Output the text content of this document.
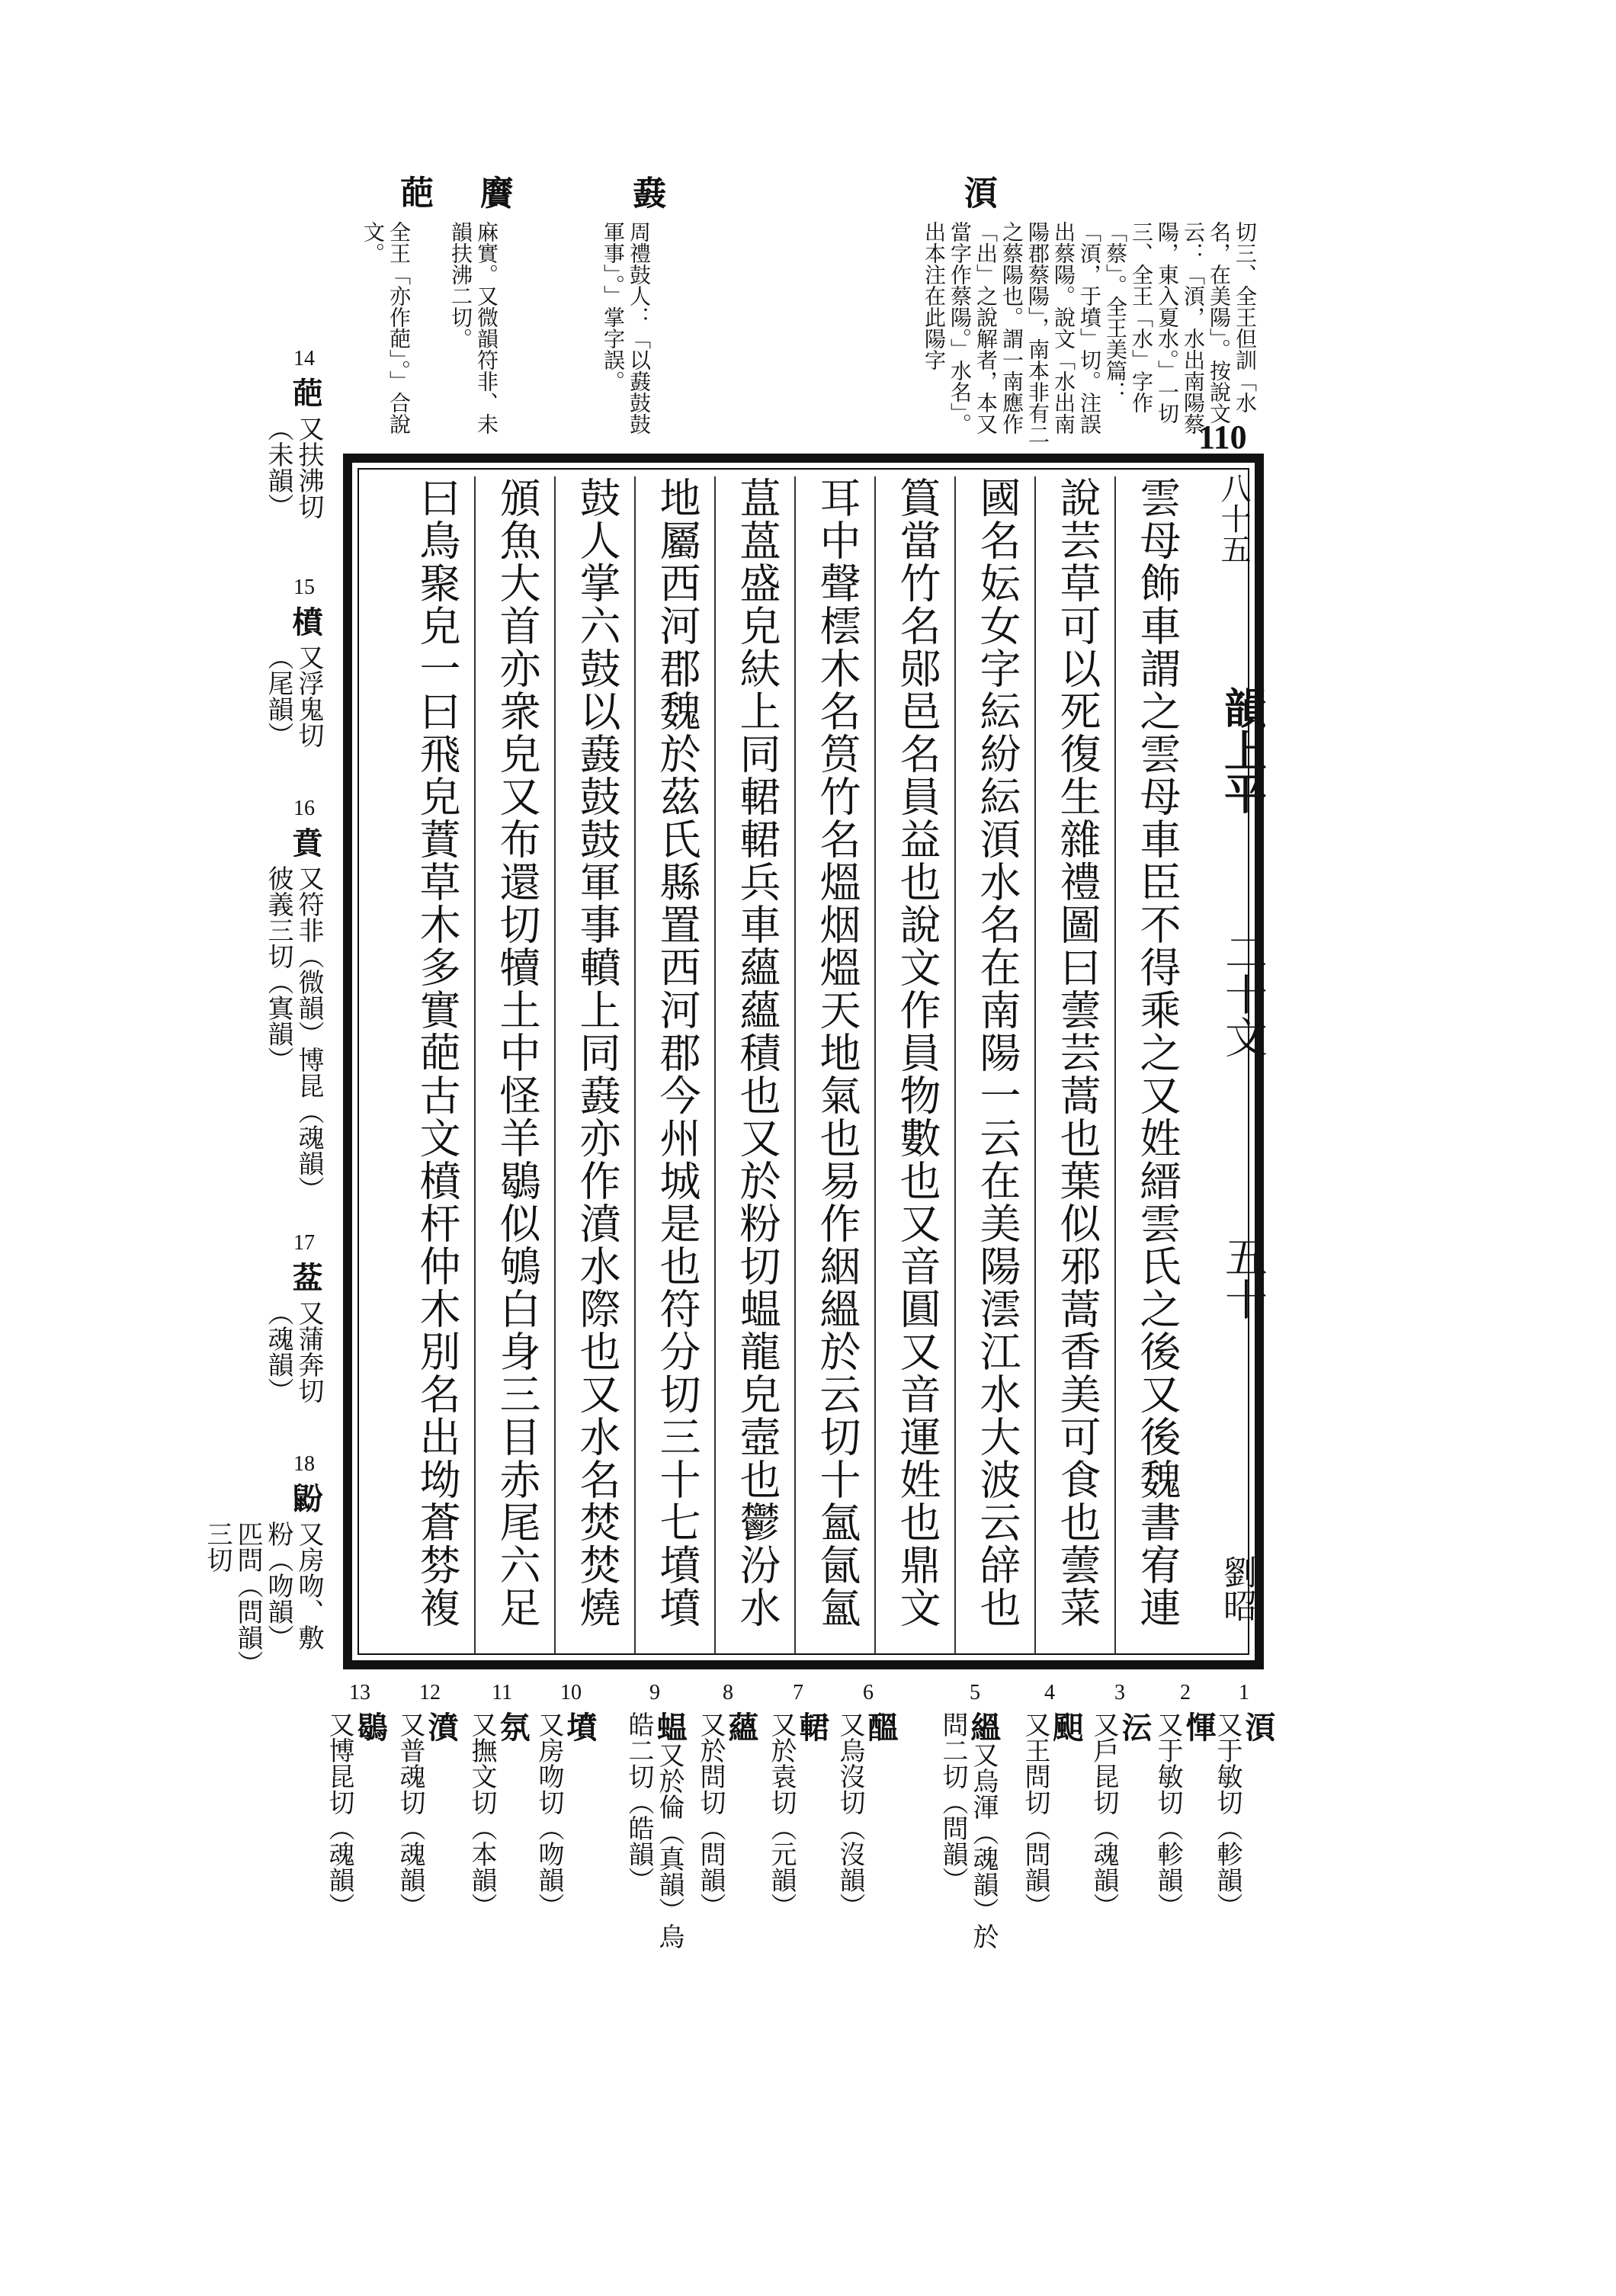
110
湏
切三、全王但訓「水名，在美陽」。按說文云：「湏，水出南陽蔡陽，東入夏水。」一切三、全王「水」字作「蔡」。全王美篇：「湏，于墳」切。注誤出蔡陽。說文「水出南陽郡蔡陽」，南本非有二之蔡陽也。謂一南應作「出」之說解者，本又當字作蔡陽。」水名」。出本注在此陽字
鼖
周禮鼓人：「以鼖鼓鼓軍事」。」掌字誤。
黂
麻實。又微韻符非、未韻扶沸二切。
葩
全王「亦作葩」。」合說文。
八十五
韻上平
二十文
五十
劉昭
雲母飾車謂之雲母車臣不得乘之又姓縉雲氏之後又後魏書宥連
說芸草可以死復生雜禮圖曰蕓芸蒿也葉似邪蒿香美可食也蕓菜
國名妘女字紜紛紜湏水名在南陽一云在美陽澐江水大波云辝也
篔當竹名郧邑名員益也說文作員物數也又音圓又音運姓也鼎文
耳中聲橒木名筼竹名熅烟熅天地氣也易作絪縕於云切十氳氤氳
蒀蒕盛皃䊿上同輑輑兵車蘊蘊積也又於粉切蝹龍皃壼也鬱汾水
地屬西河郡魏於茲氏縣置西河郡今州城是也符分切三十七墳墳
鼓人掌六鼓以鼖鼓鼓軍事轒上同鼖亦作濆水際也又水名焚焚燒
頒魚大首亦衆皃又布還切犢土中怪羊鶡似鴝白身三目赤尾六足
曰鳥聚皃一曰飛皃蕡草木多實葩古文橨杆仲木別名出坳蒼棼複
14
葩
又扶沸切（未韻）
15
橨
又浮鬼切（尾韻）
16
賁
又符非（微韻）博昆（魂韻）彼義三切（寘韻）
17
葐
又蒲奔切（魂韻）
18
鼢
又房吻、敷粉（吻韻）匹問（問韻）三切
1
湏又于敏切（軫韻）
2
惲又于敏切（軫韻）
3
沄又戶昆切（魂韻）
4
䫻又王問切（問韻）
5
縕又烏渾（魂韻）於問二切（問韻）
6
醞又烏沒切（沒韻）
7
輑又於袁切（元韻）
8
蘊又於問切（問韻）
9
蝹又於倫（真韻）烏皓二切（皓韻）
10
墳又房吻切（吻韻）
11
氛又撫文切（本韻）
12
濆又普魂切（魂韻）
13
鶡又博昆切（魂韻）
